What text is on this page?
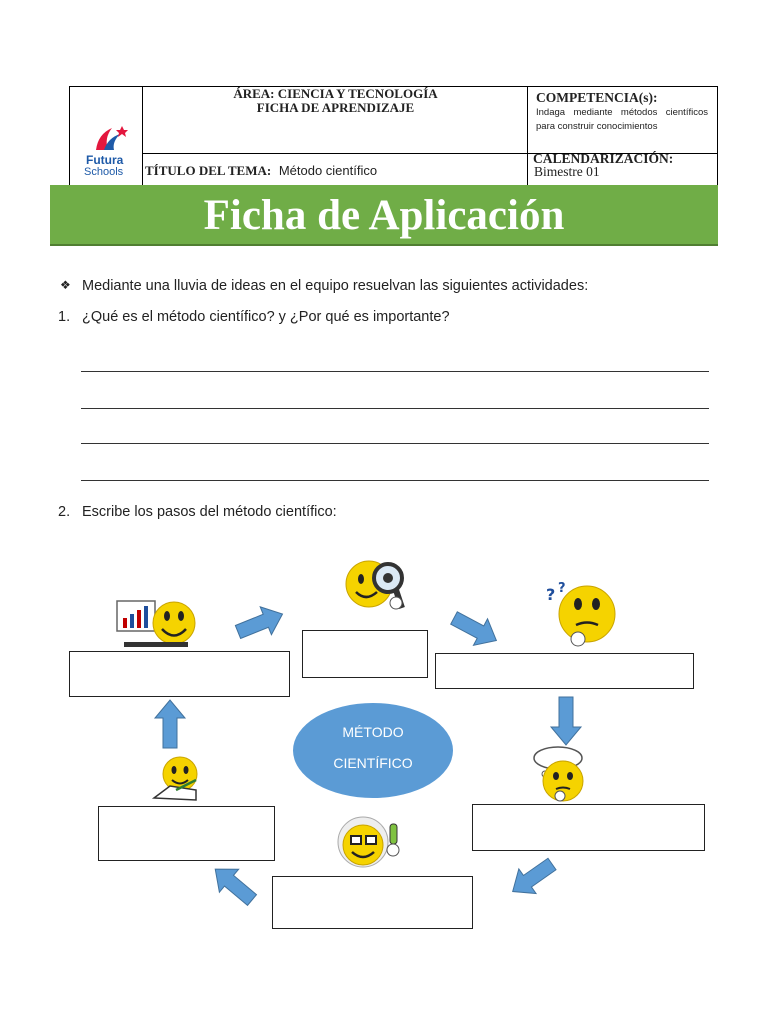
Futura
Schools
ÁREA: CIENCIA Y TECNOLOGÍA
FICHA DE APRENDIZAJE
COMPETENCIA(s):
Indaga mediante métodos científicos para construir conocimientos
TÍTULO DEL TEMA: Método científico
CALENDARIZACIÓN:
Bimestre 01
Ficha de Aplicación
❖ Mediante una lluvia de ideas en el equipo resuelvan las siguientes actividades:
1. ¿Qué es el método científico? y ¿Por qué es importante?
2. Escribe los pasos del método científico:
? ?
MÉTODO
CIENTÍFICO
